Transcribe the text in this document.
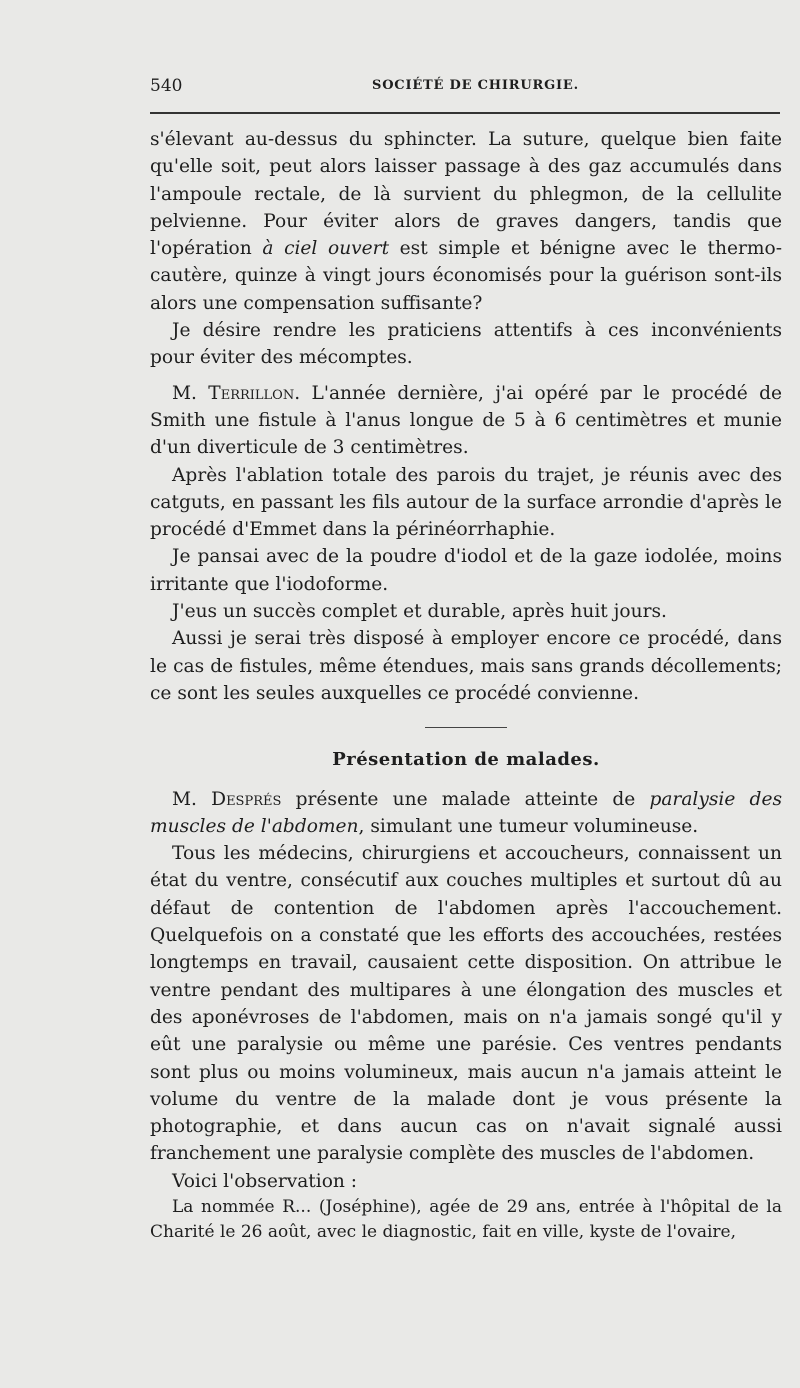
540	SOCIÉTÉ DE CHIRURGIE.

s'élevant au-dessus du sphincter. La suture, quelque bien faite qu'elle soit, peut alors laisser passage à des gaz accumulés dans l'ampoule rectale, de là survient du phlegmon, de la cellulite pelvienne. Pour éviter alors de graves dangers, tandis que l'opération à ciel ouvert est simple et bénigne avec le thermo-cautère, quinze à vingt jours économisés pour la guérison sont-ils alors une compensation suffisante?

Je désire rendre les praticiens attentifs à ces inconvénients pour éviter des mécomptes.

M. Terrillon. L'année dernière, j'ai opéré par le procédé de Smith une fistule à l'anus longue de 5 à 6 centimètres et munie d'un diverticule de 3 centimètres.

Après l'ablation totale des parois du trajet, je réunis avec des catguts, en passant les fils autour de la surface arrondie d'après le procédé d'Emmet dans la périnéorrhaphie.

Je pansai avec de la poudre d'iodol et de la gaze iodolée, moins irritante que l'iodoforme.

J'eus un succès complet et durable, après huit jours.

Aussi je serai très disposé à employer encore ce procédé, dans le cas de fistules, même étendues, mais sans grands décollements; ce sont les seules auxquelles ce procédé convienne.

Présentation de malades.

M. Després présente une malade atteinte de paralysie des muscles de l'abdomen, simulant une tumeur volumineuse.

Tous les médecins, chirurgiens et accoucheurs, connaissent un état du ventre, consécutif aux couches multiples et surtout dû au défaut de contention de l'abdomen après l'accouchement. Quelquefois on a constaté que les efforts des accouchées, restées longtemps en travail, causaient cette disposition. On attribue le ventre pendant des multipares à une élongation des muscles et des aponévroses de l'abdomen, mais on n'a jamais songé qu'il y eût une paralysie ou même une parésie. Ces ventres pendants sont plus ou moins volumineux, mais aucun n'a jamais atteint le volume du ventre de la malade dont je vous présente la photographie, et dans aucun cas on n'avait signalé aussi franchement une paralysie complète des muscles de l'abdomen.

Voici l'observation :

La nommée R... (Joséphine), agée de 29 ans, entrée à l'hôpital de la Charité le 26 août, avec le diagnostic, fait en ville, kyste de l'ovaire,
